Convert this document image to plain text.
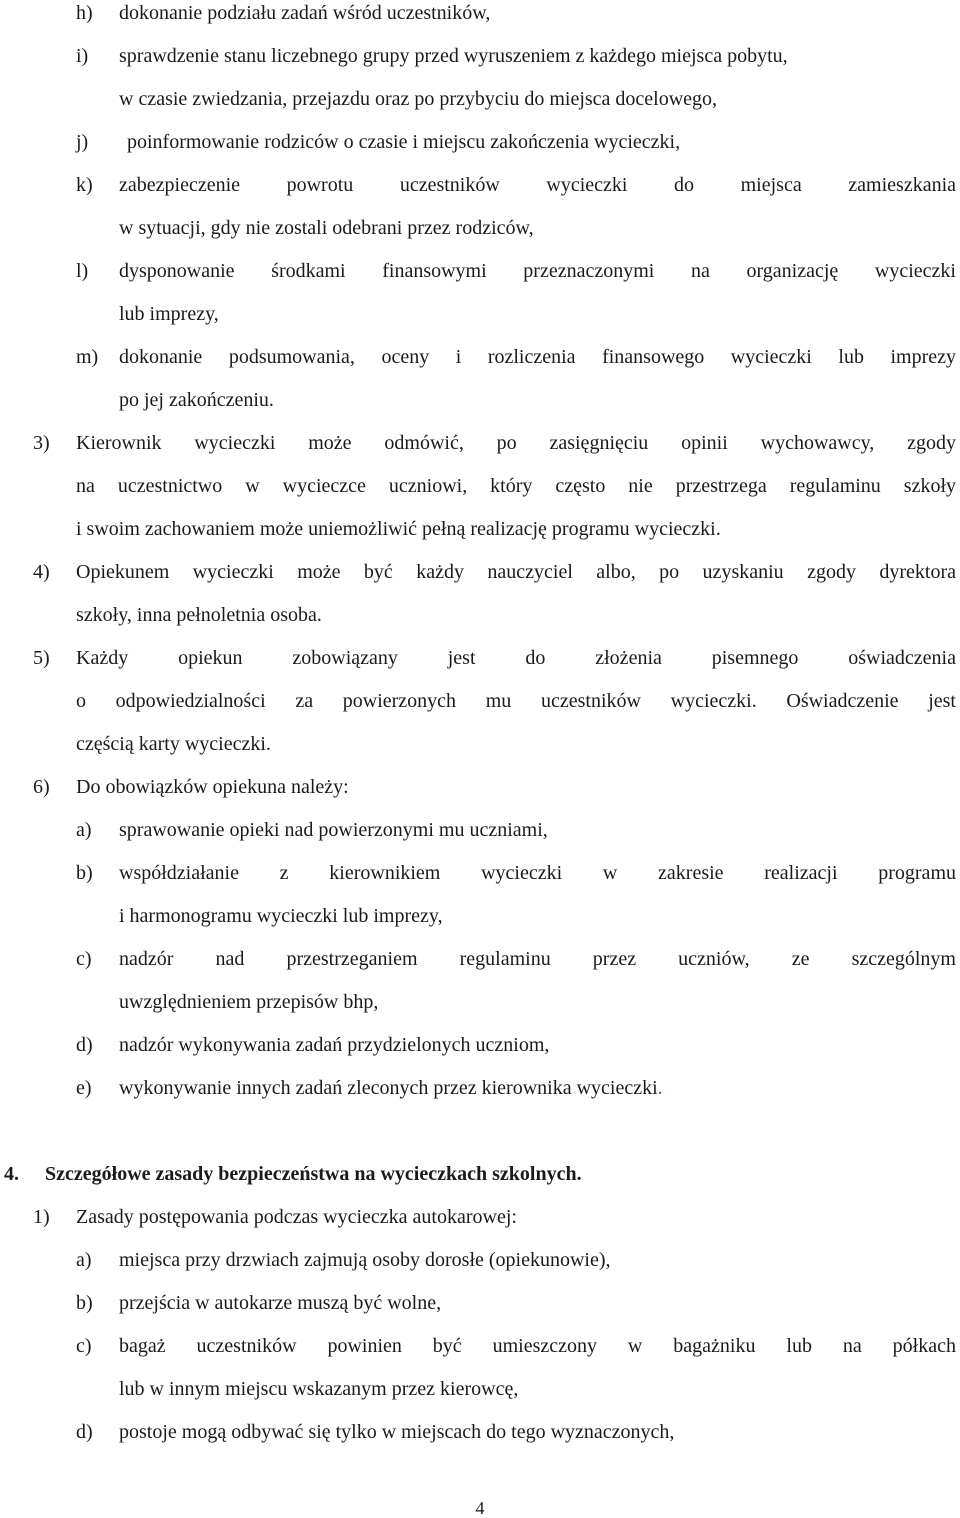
h) dokonanie podziału zadań wśród uczestników,
i) sprawdzenie stanu liczebnego grupy przed wyruszeniem z każdego miejsca pobytu,
w czasie zwiedzania, przejazdu oraz po przybyciu do miejsca docelowego,
j) poinformowanie rodziców o czasie i miejscu zakończenia wycieczki,
k) zabezpieczenie powrotu uczestników wycieczki do miejsca zamieszkania
w sytuacji, gdy nie zostali odebrani przez rodziców,
l) dysponowanie środkami finansowymi przeznaczonymi na organizację wycieczki
lub imprezy,
m) dokonanie podsumowania, oceny i rozliczenia finansowego wycieczki lub imprezy
po jej zakończeniu.
3) Kierownik wycieczki może odmówić, po zasięgnięciu opinii wychowawcy, zgody
na uczestnictwo w wycieczce uczniowi, który często nie przestrzega regulaminu szkoły
i swoim zachowaniem może uniemożliwić pełną realizację programu wycieczki.
4) Opiekunem wycieczki może być każdy nauczyciel albo, po uzyskaniu zgody dyrektora
szkoły, inna pełnoletnia osoba.
5) Każdy opiekun zobowiązany jest do złożenia pisemnego oświadczenia
o odpowiedzialności za powierzonych mu uczestników wycieczki. Oświadczenie jest
częścią karty wycieczki.
6) Do obowiązków opiekuna należy:
a) sprawowanie opieki nad powierzonymi mu uczniami,
b) współdziałanie z kierownikiem wycieczki w zakresie realizacji programu
i harmonogramu wycieczki lub imprezy,
c) nadzór nad przestrzeganiem regulaminu przez uczniów, ze szczególnym
uwzględnieniem przepisów bhp,
d) nadzór wykonywania zadań przydzielonych uczniom,
e) wykonywanie innych zadań zleconych przez kierownika wycieczki.
4. Szczegółowe zasady bezpieczeństwa na wycieczkach szkolnych.
1) Zasady postępowania podczas wycieczka autokarowej:
a) miejsca przy drzwiach zajmują osoby dorosłe (opiekunowie),
b) przejścia w autokarze muszą być wolne,
c) bagaż uczestników powinien być umieszczony w bagażniku lub na półkach
lub w innym miejscu wskazanym przez kierowcę,
d) postoje mogą odbywać się tylko w miejscach do tego wyznaczonych,
4
